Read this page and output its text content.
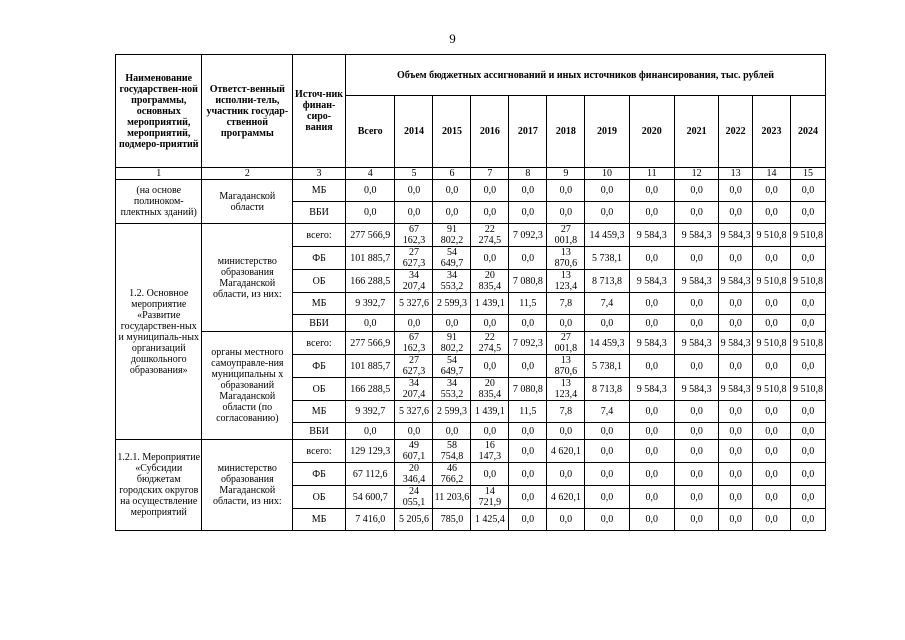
9
Наименование государствен-ной программы, основных мероприятий, мероприятий, подмеро-приятий	Ответст-венный исполни-тель, участник государ-ственной программы	Источ-ник финан-сиро-вания	Объем бюджетных ассигнований и иных источников финансирования, тыс. рублей											
			Всего	2014	2015	2016	2017	2018	2019	2020	2021	2022	2023	2024
1	2	3	4	5	6	7	8	9	10	11	12	13	14	15
(на основе полиноком-плектных зданий)	Магаданской области	МБ	0,0	0,0	0,0	0,0	0,0	0,0	0,0	0,0	0,0	0,0	0,0	0,0
		ВБИ	0,0	0,0	0,0	0,0	0,0	0,0	0,0	0,0	0,0	0,0	0,0	0,0
1.2. Основное мероприятие «Развитие государствен-ных и муниципаль-ных организаций дошкольного образования»	министерство образования Магаданской области, из них:	всего:	277 566,9	67 162,3	91 802,2	22 274,5	7 092,3	27 001,8	14 459,3	9 584,3	9 584,3	9 584,3	9 510,8	9 510,8
		ФБ	101 885,7	27 627,3	54 649,7	0,0	0,0	13 870,6	5 738,1	0,0	0,0	0,0	0,0	0,0
		ОБ	166 288,5	34 207,4	34 553,2	20 835,4	7 080,8	13 123,4	8 713,8	9 584,3	9 584,3	9 584,3	9 510,8	9 510,8
		МБ	9 392,7	5 327,6	2 599,3	1 439,1	11,5	7,8	7,4	0,0	0,0	0,0	0,0	0,0
		ВБИ	0,0	0,0	0,0	0,0	0,0	0,0	0,0	0,0	0,0	0,0	0,0	0,0
	органы местного самоуправле-ния муниципальны х образований Магаданской области (по согласованию)	всего:	277 566,9	67 162,3	91 802,2	22 274,5	7 092,3	27 001,8	14 459,3	9 584,3	9 584,3	9 584,3	9 510,8	9 510,8
		ФБ	101 885,7	27 627,3	54 649,7	0,0	0,0	13 870,6	5 738,1	0,0	0,0	0,0	0,0	0,0
		ОБ	166 288,5	34 207,4	34 553,2	20 835,4	7 080,8	13 123,4	8 713,8	9 584,3	9 584,3	9 584,3	9 510,8	9 510,8
		МБ	9 392,7	5 327,6	2 599,3	1 439,1	11,5	7,8	7,4	0,0	0,0	0,0	0,0	0,0
		ВБИ	0,0	0,0	0,0	0,0	0,0	0,0	0,0	0,0	0,0	0,0	0,0	0,0
1.2.1. Мероприятие «Субсидии бюджетам городских округов на осуществление мероприятий	министерство образования Магаданской области, из них:	всего:	129 129,3	49 607,1	58 754,8	16 147,3	0,0	4 620,1	0,0	0,0	0,0	0,0	0,0	0,0
		ФБ	67 112,6	20 346,4	46 766,2	0,0	0,0	0,0	0,0	0,0	0,0	0,0	0,0	0,0
		ОБ	54 600,7	24 055,1	11 203,6	14 721,9	0,0	4 620,1	0,0	0,0	0,0	0,0	0,0	0,0
		МБ	7 416,0	5 205,6	785,0	1 425,4	0,0	0,0	0,0	0,0	0,0	0,0	0,0	0,0
